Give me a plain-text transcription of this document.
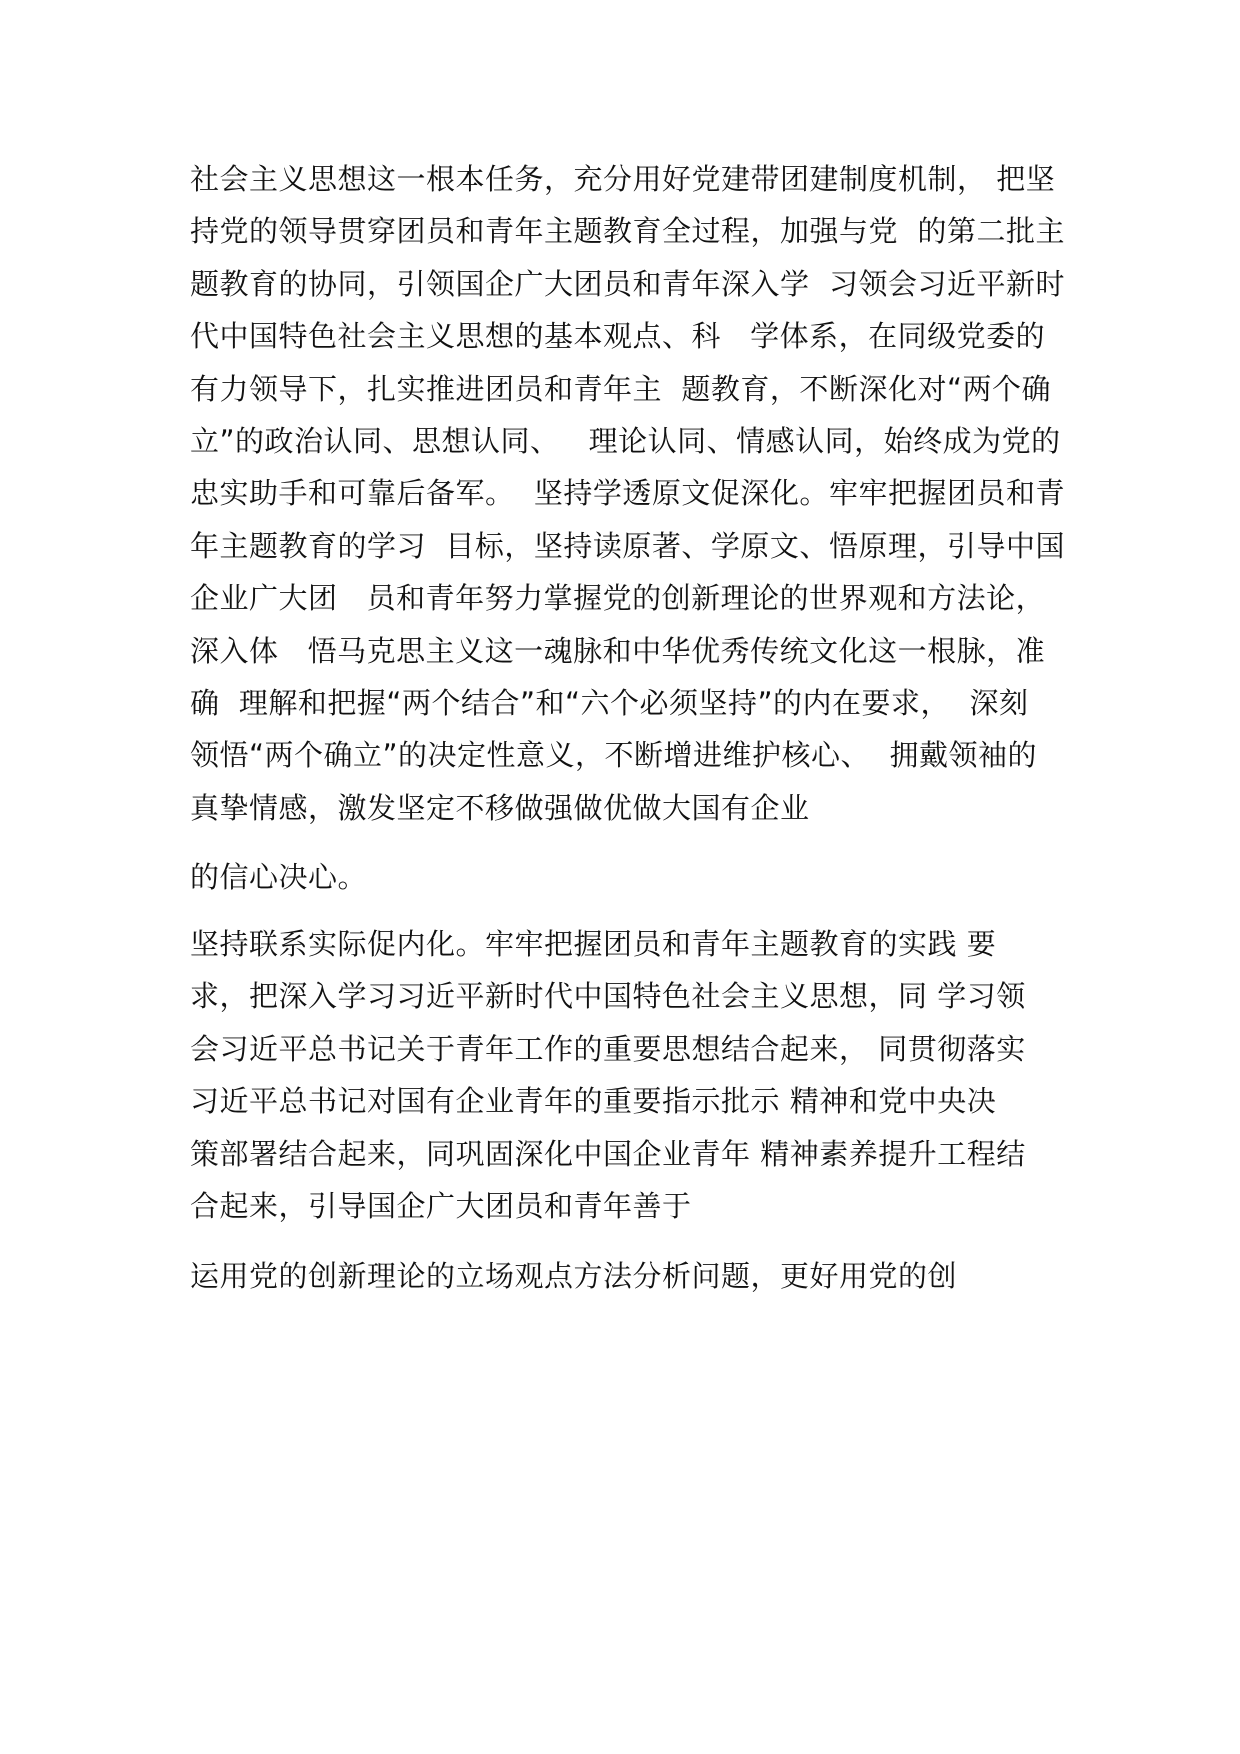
社会主义思想这一根本任务，充分用好党建带团建制度机制， 把坚
持党的领导贯穿团员和青年主题教育全过程，加强与党  的第二批主
题教育的协同，引领国企广大团员和青年深入学  习领会习近平新时
代中国特色社会主义思想的基本观点、科   学体系，在同级党委的
有力领导下，扎实推进团员和青年主  题教育，不断深化对“两个确
立”的政治认同、思想认同、   理论认同、情感认同，始终成为党的
忠实助手和可靠后备军。  坚持学透原文促深化。牢牢把握团员和青
年主题教育的学习  目标，坚持读原著、学原文、悟原理，引导中国
企业广大团   员和青年努力掌握党的创新理论的世界观和方法论，
深入体   悟马克思主义这一魂脉和中华优秀传统文化这一根脉，准
确  理解和把握“两个结合”和“六个必须坚持”的内在要求，  深刻
领悟“两个确立”的决定性意义，不断增进维护核心、  拥戴领袖的
真挚情感，激发坚定不移做强做优做大国有企业
的信心决心。
坚持联系实际促内化。牢牢把握团员和青年主题教育的实践 要
求，把深入学习习近平新时代中国特色社会主义思想，同 学习领
会习近平总书记关于青年工作的重要思想结合起来， 同贯彻落实
习近平总书记对国有企业青年的重要指示批示 精神和党中央决
策部署结合起来，同巩固深化中国企业青年 精神素养提升工程结
合起来，引导国企广大团员和青年善于
运用党的创新理论的立场观点方法分析问题，更好用党的创
